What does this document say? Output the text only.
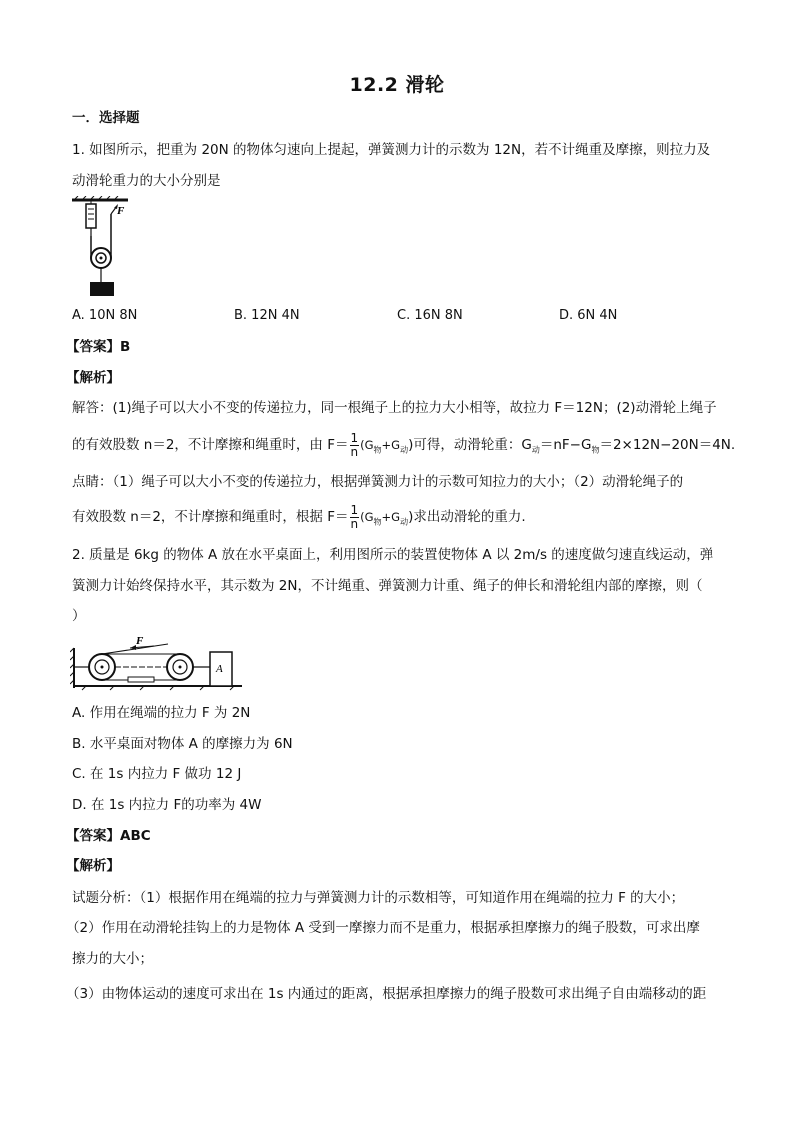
12.2 滑轮
一．选择题
1. 如图所示，把重为 20N 的物体匀速向上提起，弹簧测力计的示数为 12N，若不计绳重及摩擦，则拉力及
动滑轮重力的大小分别是
F
A. 10N 8N	B. 12N 4N	C. 16N 8N	D. 6N 4N
【答案】B
【解析】
解答：(1)绳子可以大小不变的传递拉力，同一根绳子上的拉力大小相等，故拉力 F＝12N；(2)动滑轮上绳子
的有效股数 n＝2，不计摩擦和绳重时，由 $F= \frac{1}{n} (G_物+G_动)$可得，动滑轮重：$G_动=nF-G_物=2\times 12N-20N=4N$.
点睛：（1）绳子可以大小不变的传递拉力，根据弹簧测力计的示数可知拉力的大小；（2）动滑轮绳子的
有效股数 n＝2，不计摩擦和绳重时，根据 $F= \frac{1}{n} (G_物+G_动)$求出动滑轮的重力.
2. 质量是 6kg 的物体 A 放在水平桌面上，利用图所示的装置使物体 A 以 2m/s 的速度做匀速直线运动，弹
簧测力计始终保持水平，其示数为 2N，不计绳重、弹簧测力计重、绳子的伸长和滑轮组内部的摩擦，则（
）
F
A
A. 作用在绳端的拉力 F 为 2N
B. 水平桌面对物体 A 的摩擦力为 6N
C. 在 1s 内拉力 F 做功 12 J
D. 在 1s 内拉力 F的功率为 4W
【答案】ABC
【解析】
试题分析：（1）根据作用在绳端的拉力与弹簧测力计的示数相等，可知道作用在绳端的拉力 F 的大小；
（2）作用在动滑轮挂钩上的力是物体 A 受到一摩擦力而不是重力，根据承担摩擦力的绳子股数，可求出摩
擦力的大小；
（3）由物体运动的速度可求出在 1s 内通过的距离，根据承担摩擦力的绳子股数可求出绳子自由端移动的距
